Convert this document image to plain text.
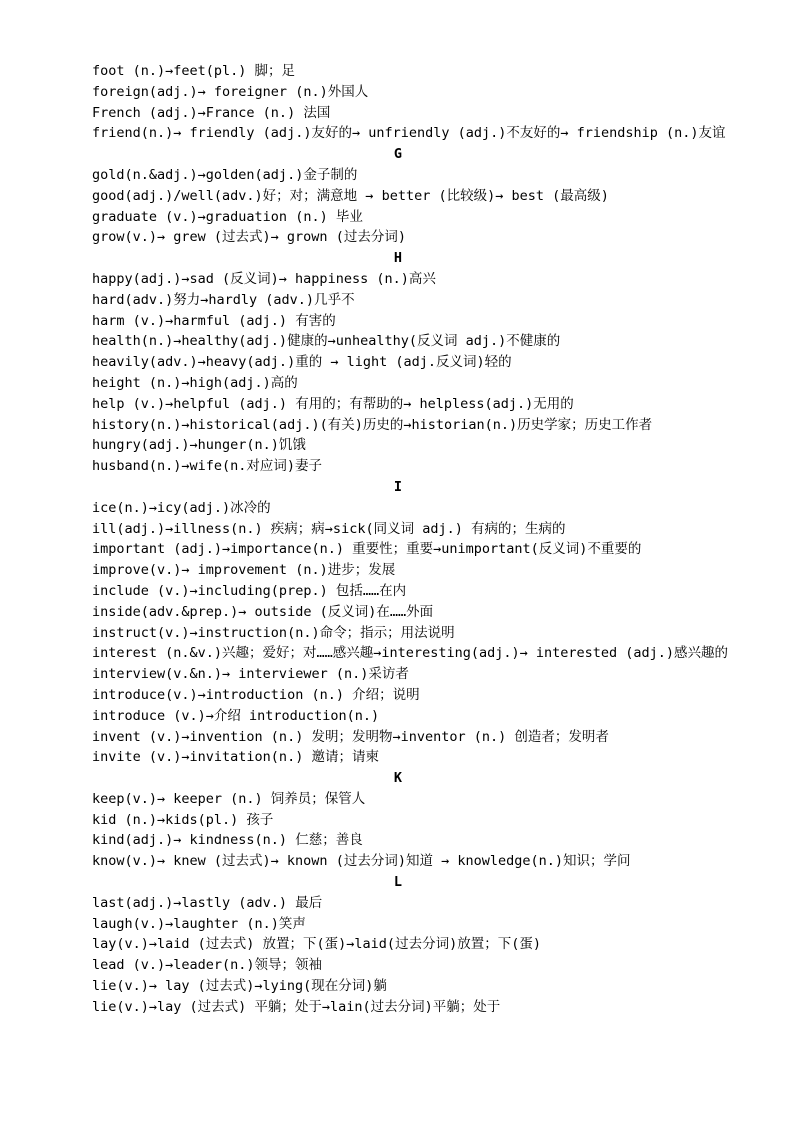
foot (n.)→feet(pl.) 脚；足
foreign(adj.)→ foreigner (n.)外国人
French (adj.)→France (n.) 法国
friend(n.)→ friendly (adj.)友好的→ unfriendly (adj.)不友好的→ friendship (n.)友谊
G
gold(n.&adj.)→golden(adj.)金子制的
good(adj.)/well(adv.)好；对；满意地 → better (比较级)→ best (最高级)
graduate (v.)→graduation (n.) 毕业
grow(v.)→ grew (过去式)→ grown (过去分词)
H
happy(adj.)→sad (反义词)→ happiness (n.)高兴
hard(adv.)努力→hardly (adv.)几乎不
harm (v.)→harmful (adj.) 有害的
health(n.)→healthy(adj.)健康的→unhealthy(反义词 adj.)不健康的
heavily(adv.)→heavy(adj.)重的 → light (adj.反义词)轻的
height (n.)→high(adj.)高的
help (v.)→helpful (adj.) 有用的；有帮助的→ helpless(adj.)无用的
history(n.)→historical(adj.)(有关)历史的→historian(n.)历史学家；历史工作者
hungry(adj.)→hunger(n.)饥饿
husband(n.)→wife(n.对应词)妻子
I
ice(n.)→icy(adj.)冰冷的
ill(adj.)→illness(n.) 疾病；病→sick(同义词 adj.) 有病的；生病的
important (adj.)→importance(n.) 重要性；重要→unimportant(反义词)不重要的
improve(v.)→ improvement (n.)进步；发展
include (v.)→including(prep.) 包括……在内
inside(adv.&prep.)→ outside (反义词)在……外面
instruct(v.)→instruction(n.)命令；指示；用法说明
interest (n.&v.)兴趣；爱好；对……感兴趣→interesting(adj.)→ interested (adj.)感兴趣的
interview(v.&n.)→ interviewer (n.)采访者
introduce(v.)→introduction (n.) 介绍；说明
introduce (v.)→介绍 introduction(n.)
invent (v.)→invention (n.) 发明；发明物→inventor (n.) 创造者；发明者
invite (v.)→invitation(n.) 邀请；请柬
K
keep(v.)→ keeper (n.) 饲养员；保管人
kid (n.)→kids(pl.) 孩子
kind(adj.)→ kindness(n.) 仁慈；善良
know(v.)→ knew (过去式)→ known (过去分词)知道 → knowledge(n.)知识；学问
L
last(adj.)→lastly (adv.) 最后
laugh(v.)→laughter (n.)笑声
lay(v.)→laid (过去式) 放置；下(蛋)→laid(过去分词)放置；下(蛋)
lead (v.)→leader(n.)领导；领袖
lie(v.)→ lay (过去式)→lying(现在分词)躺
lie(v.)→lay (过去式) 平躺；处于→lain(过去分词)平躺；处于
